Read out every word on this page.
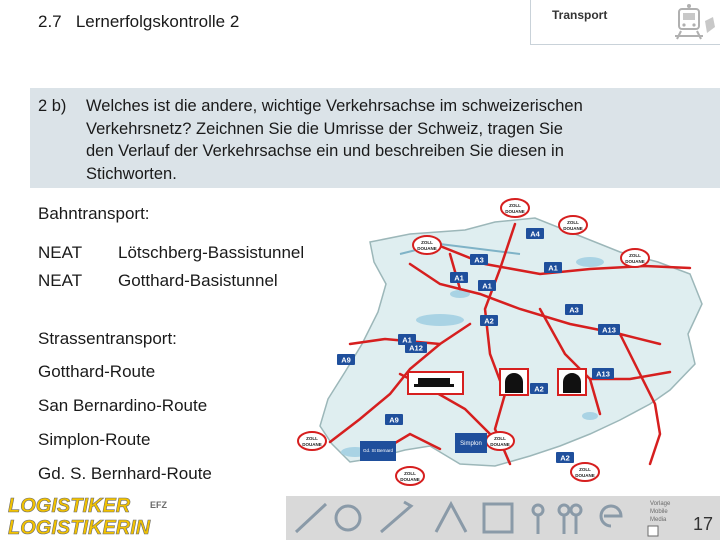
2.7 Lernerfolgskontrolle 2	Transport
2 b) Welches ist die andere, wichtige Verkehrsachse im schweizerischen
Verkehrsnetz? Zeichnen Sie die Umrisse der Schweiz, tragen Sie
den Verlauf der Verkehrsachse ein und beschreiben Sie diesen in
Stichworten.
A4
A3
A1
A1
A1
A2
A3
A13
A1
A12
A9
A13
A2
A9
A2
ZOLL
DOUANE
ZOLL
DOUANE
ZOLL
DOUANE
ZOLL
DOUANE
ZOLL
DOUANE
ZOLL
DOUANE
ZOLL
DOUANE
ZOLL
DOUANE
Simplon
Gd. St Bernard
Bahntransport:
NEAT Lötschberg-Bassistunnel
NEAT Gotthard-Basistunnel
Strassentransport:
Gotthard-Route
San Bernardino-Route
Simplon-Route
Gd. S. Bernhard-Route
LOGISTIKER EFZ
LOGISTIKERIN
Vorlage
Mobile
Media 17
